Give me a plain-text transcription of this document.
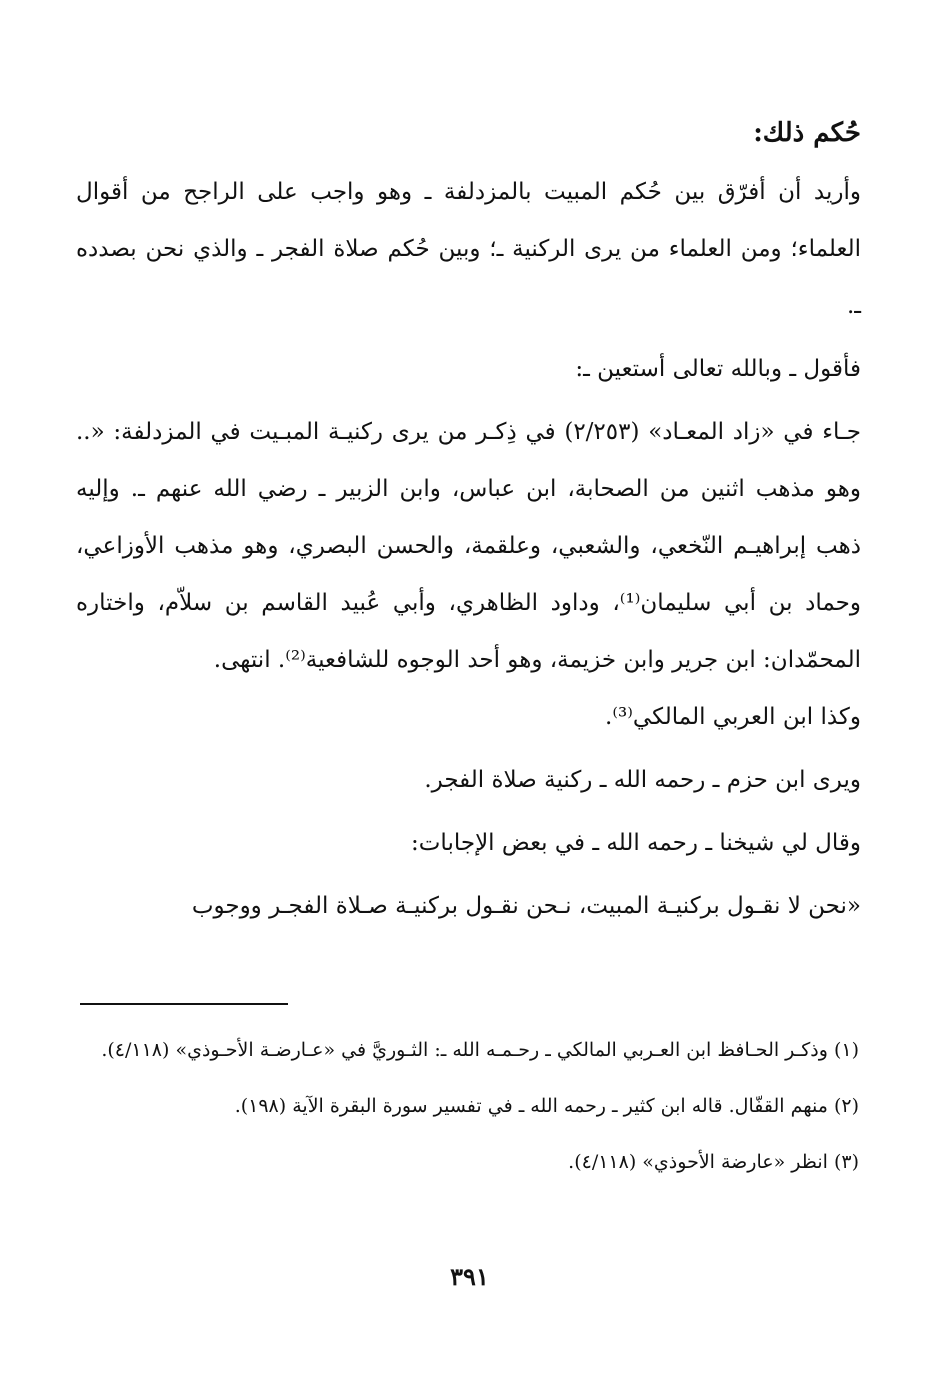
حُكم ذلك:

وأريد أن أفرّق بين حُكم المبيت بالمزدلفة ـ وهو واجب على الراجح من أقوال العلماء؛ ومن العلماء من يرى الركنية ـ؛ وبين حُكم صلاة الفجر ـ والذي نحن بصدده ـ.

فأقول ـ وبالله تعالى أستعين ـ:

جـاء في «زاد المعـاد» (٢/٢٥٣) في ذِكـر من يرى ركنيـة المبـيت في المزدلفة: «.. وهو مذهب اثنين من الصحابة، ابن عباس، وابن الزبير ـ رضي الله عنهم ـ. وإليه ذهب إبراهيـم النّخعي، والشعبي، وعلقمة، والحسن البصري، وهو مذهب الأوزاعي، وحماد بن أبي سليمان⁽¹⁾، وداود الظاهري، وأبي عُبيد القاسم بن سلاّم، واختاره المحمّدان: ابن جرير وابن خزيمة، وهو أحد الوجوه للشافعية⁽²⁾. انتهى.

وكذا ابن العربي المالكي⁽³⁾.

ويرى ابن حزم ـ رحمه الله ـ ركنية صلاة الفجر.

وقال لي شيخنا ـ رحمه الله ـ في بعض الإجابات:

«نحن لا نقـول بركنيـة المبيت، نـحن نقـول بركنيـة صـلاة الفجـر ووجوب

(١) وذكـر الحـافظ ابن العـربي المالكي ـ رحـمـه الله ـ: الثـوريَّ في «عـارضـة الأحـوذي» (٤/١١٨).

(٢) منهم القفّال. قاله ابن كثير ـ رحمه الله ـ في تفسير سورة البقرة الآية (١٩٨).

(٣) انظر «عارضة الأحوذي» (٤/١١٨).

٣٩١
